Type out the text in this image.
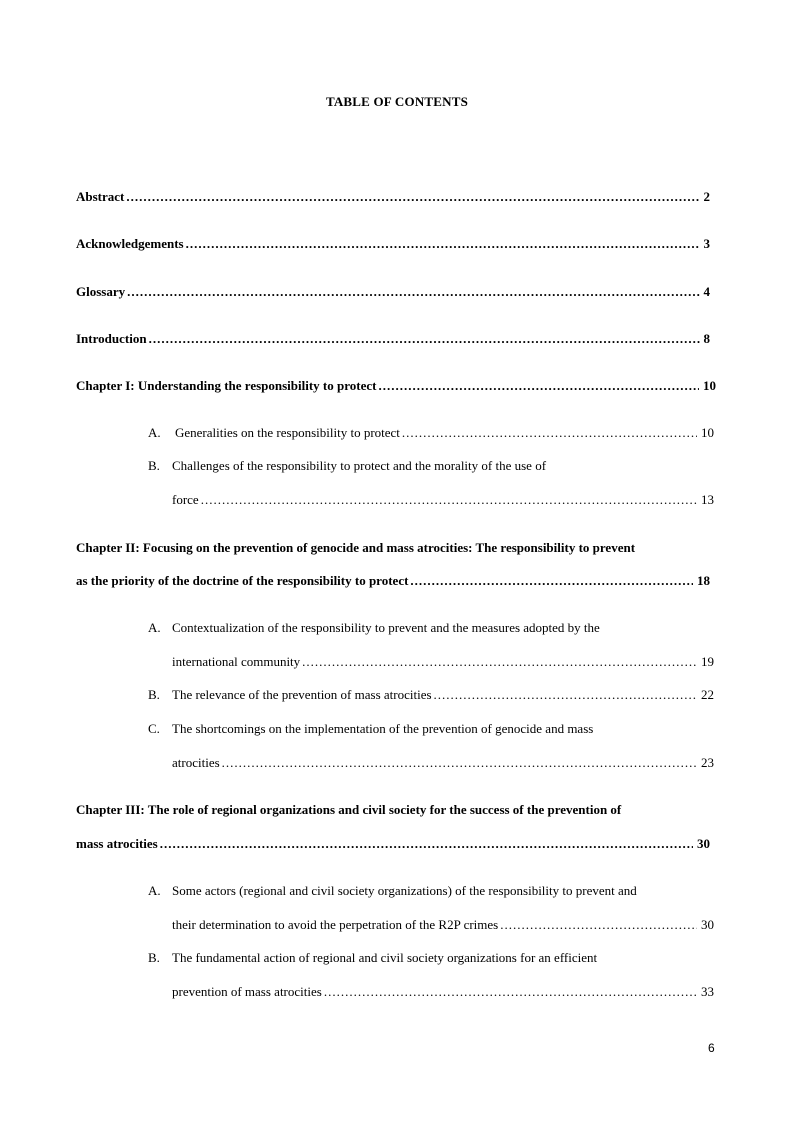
TABLE OF CONTENTS
Abstract .....	2
Acknowledgements .....	3
Glossary .....	4
Introduction .....	8
Chapter I: Understanding the responsibility to protect .....	10
A.	Generalities on the responsibility to protect .....	10
B. Challenges of the responsibility to protect and the morality of the use of
force .....	13
Chapter II: Focusing on the prevention of genocide and mass atrocities: The responsibility to prevent
as the priority of the doctrine of the responsibility to protect .....	18
A. Contextualization of the responsibility to prevent and the measures adopted by the
international community .....	19
B. The relevance of the prevention of mass atrocities .....	22
C. The shortcomings on the implementation of the prevention of genocide and mass
atrocities .....	23
Chapter III: The role of regional organizations and civil society for the success of the prevention of
mass atrocities .....	30
A. Some actors (regional and civil society organizations) of the responsibility to prevent and
their determination to avoid the perpetration of the R2P crimes .....	30
B. The fundamental action of regional and civil society organizations for an efficient
prevention of mass atrocities .....	33
6
